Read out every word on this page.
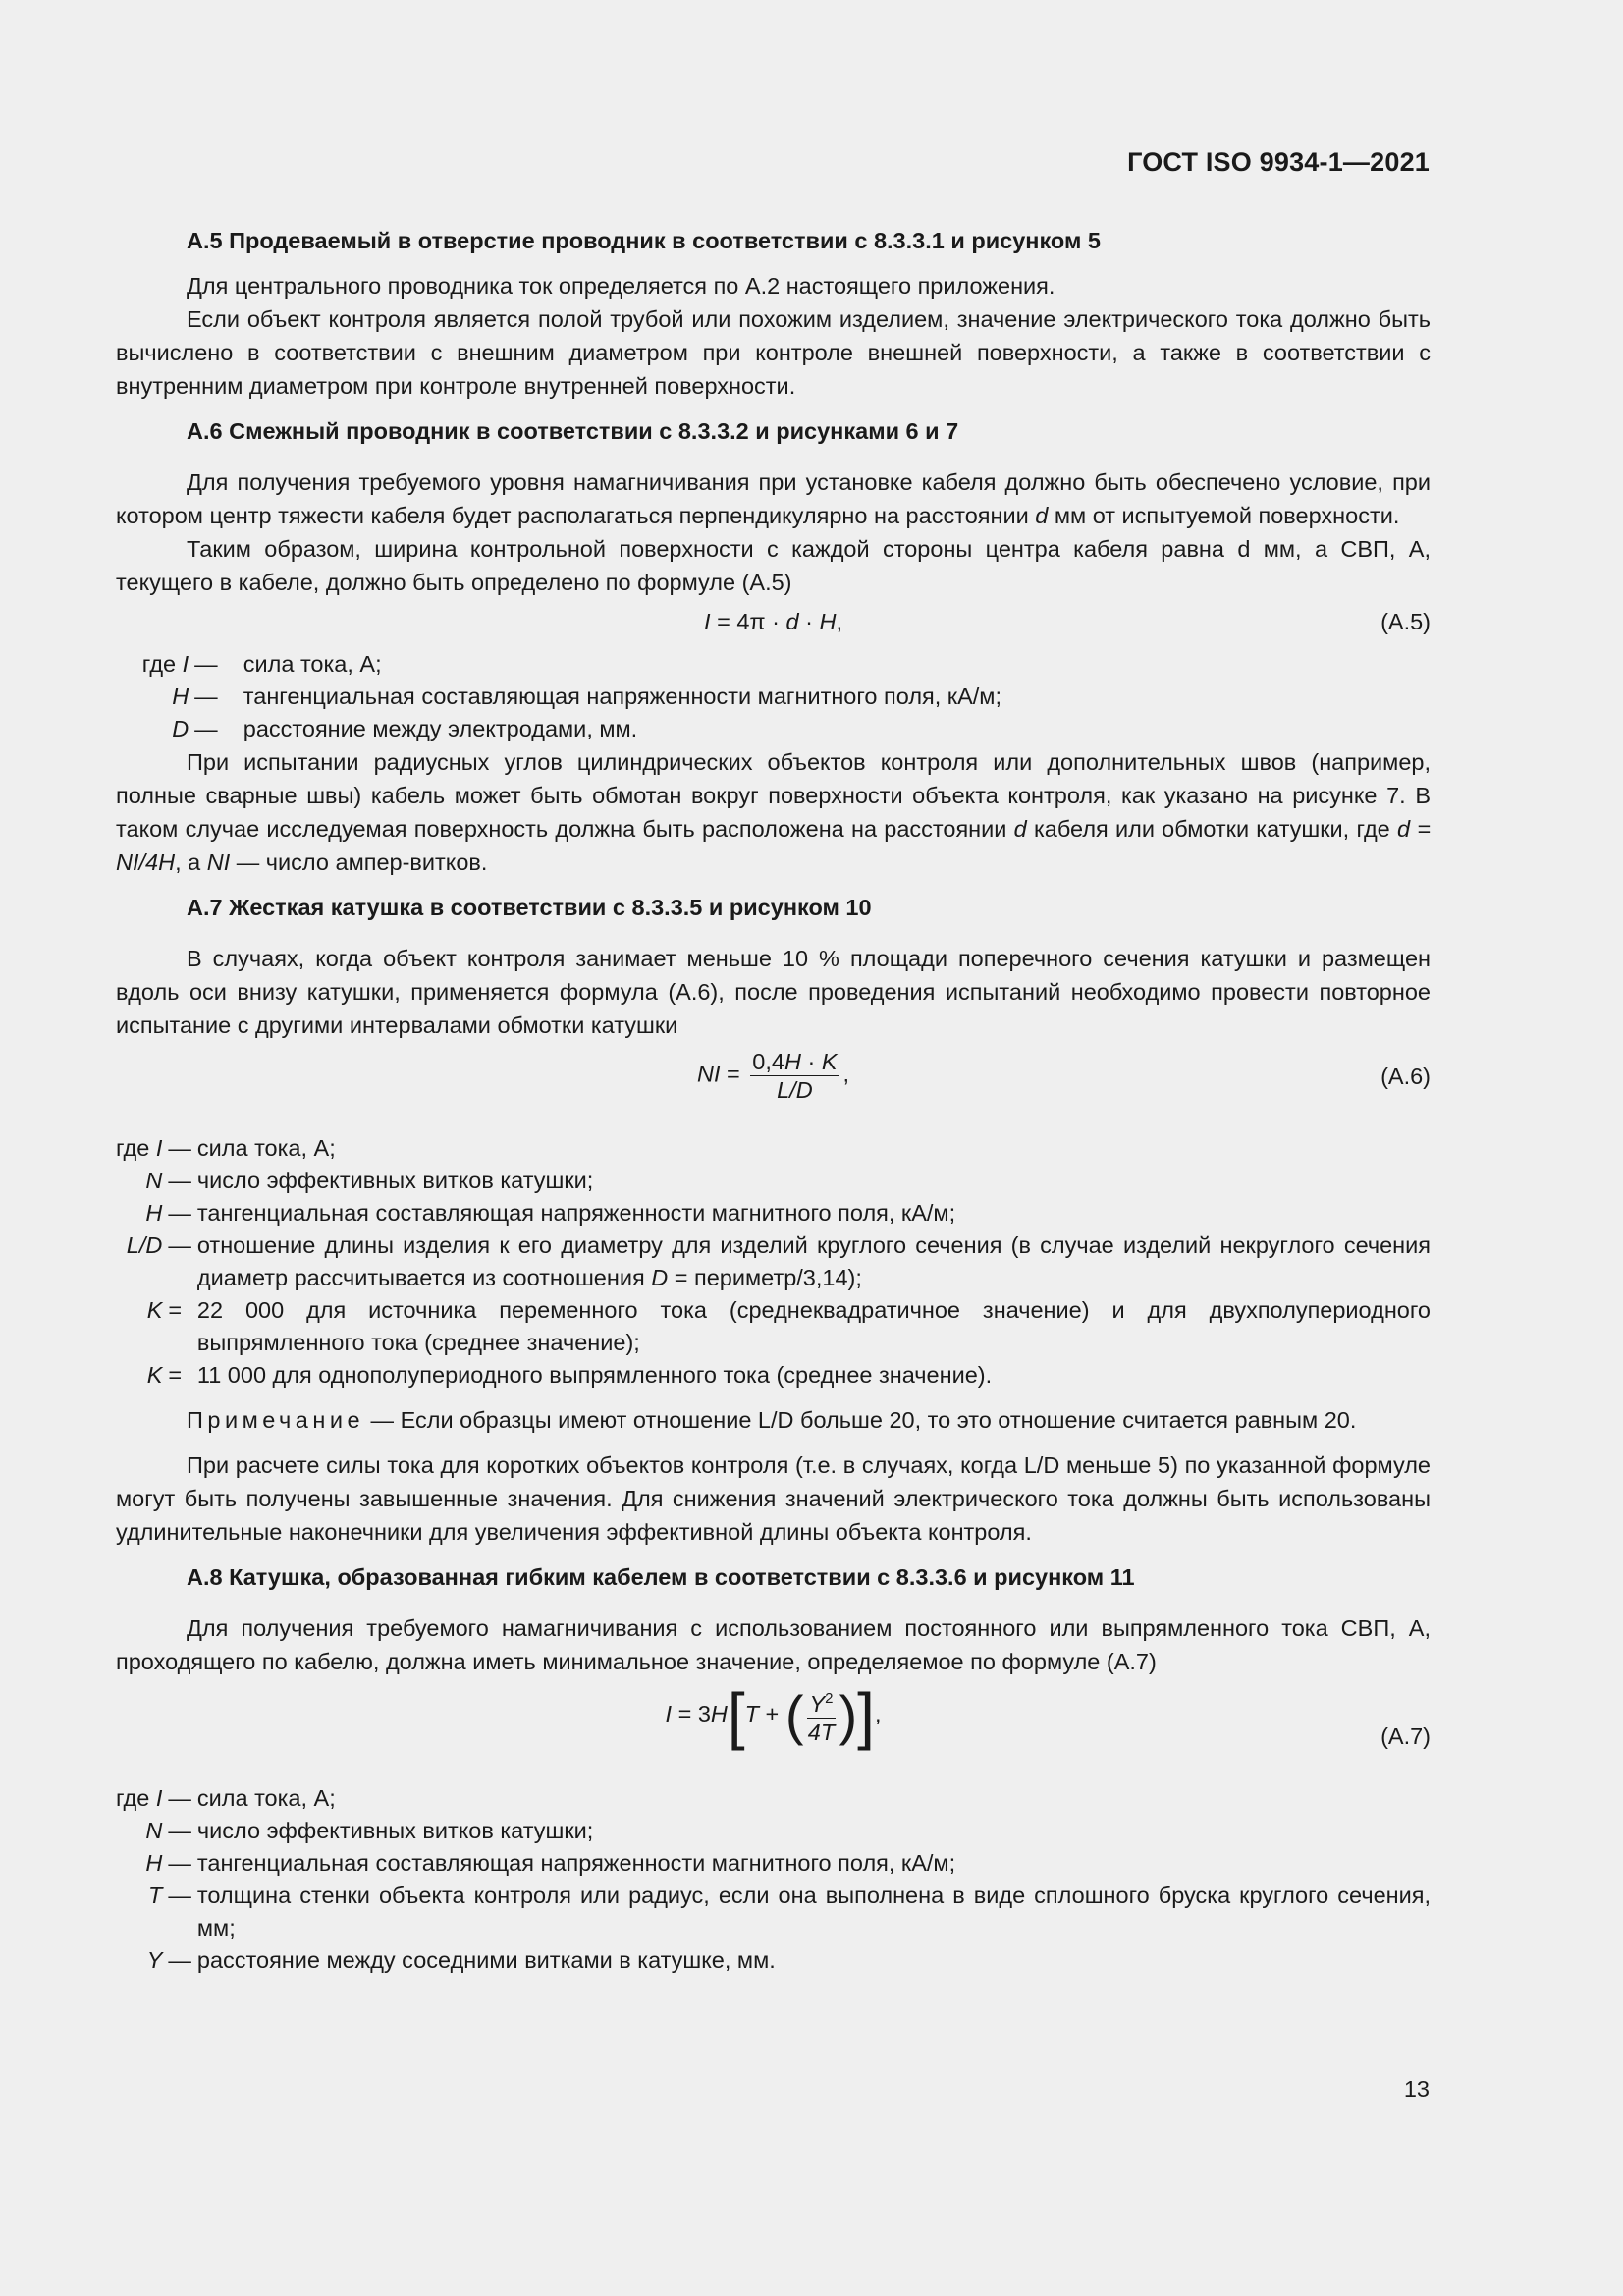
ГОСТ ISO 9934-1—2021
А.5 Продеваемый в отверстие проводник в соответствии с 8.3.3.1 и рисунком 5

Для центрального проводника ток определяется по А.2 настоящего приложения.

Если объект контроля является полой трубой или похожим изделием, значение электрического тока должно быть вычислено в соответствии с внешним диаметром при контроле внешней поверхности, а также в соответствии с внутренним диаметром при контроле внутренней поверхности.

А.6 Смежный проводник в соответствии с 8.3.3.2 и рисунками 6 и 7

Для получения требуемого уровня намагничивания при установке кабеля должно быть обеспечено условие, при котором центр тяжести кабеля будет располагаться перпендикулярно на расстоянии d мм от испытуемой поверхности.

Таким образом, ширина контрольной поверхности с каждой стороны центра кабеля равна d мм, а СВП, А, текущего в кабеле, должно быть определено по формуле (А.5)

I = 4π · d · H,	(А.5)
где I	—	сила тока, А;
H	—	тангенциальная составляющая напряженности магнитного поля, кА/м;
D	—	расстояние между электродами, мм.

При испытании радиусных углов цилиндрических объектов контроля или дополнительных швов (например, полные сварные швы) кабель может быть обмотан вокруг поверхности объекта контроля, как указано на рисунке 7. В таком случае исследуемая поверхность должна быть расположена на расстоянии d кабеля или обмотки катушки, где d = NI/4H, а NI — число ампер-витков.

А.7 Жесткая катушка в соответствии с 8.3.3.5 и рисунком 10

В случаях, когда объект контроля занимает меньше 10 % площади поперечного сечения катушки и размещен вдоль оси внизу катушки, применяется формула (А.6), после проведения испытаний необходимо провести повторное испытание с другими интервалами обмотки катушки

NI = $\frac{0,4H \cdot K}{L/D}$ ,	(А.6)
где I	—	сила тока, А;
N	—	число эффективных витков катушки;
H	—	тангенциальная составляющая напряженности магнитного поля, кА/м;
L/D	—	отношение длины изделия к его диаметру для изделий круглого сечения (в случае изделий некруглого сечения диаметр рассчитывается из соотношения D = периметр/3,14);
K	=	22 000 для источника переменного тока (среднеквадратичное значение) и для двухполупериодного выпрямленного тока (среднее значение);
K	=	11 000 для однополупериодного выпрямленного тока (среднее значение).

Примечание — Если образцы имеют отношение L/D больше 20, то это отношение считается равным 20.

При расчете силы тока для коротких объектов контроля (т.е. в случаях, когда L/D меньше 5) по указанной формуле могут быть получены завышенные значения. Для снижения значений электрического тока должны быть использованы удлинительные наконечники для увеличения эффективной длины объекта контроля.

А.8 Катушка, образованная гибким кабелем в соответствии с 8.3.3.6 и рисунком 11

Для получения требуемого намагничивания с использованием постоянного или выпрямленного тока СВП, А, проходящего по кабелю, должна иметь минимальное значение, определяемое по формуле (А.7)

I = 3H[T + ( $\frac{Y^2}{4T}$ )],
(А.7)
где I	—	сила тока, А;
N	—	число эффективных витков катушки;
H	—	тангенциальная составляющая напряженности магнитного поля, кА/м;
T	—	толщина стенки объекта контроля или радиус, если она выполнена в виде сплошного бруска круглого сечения, мм;
Y	—	расстояние между соседними витками в катушке, мм.
13
